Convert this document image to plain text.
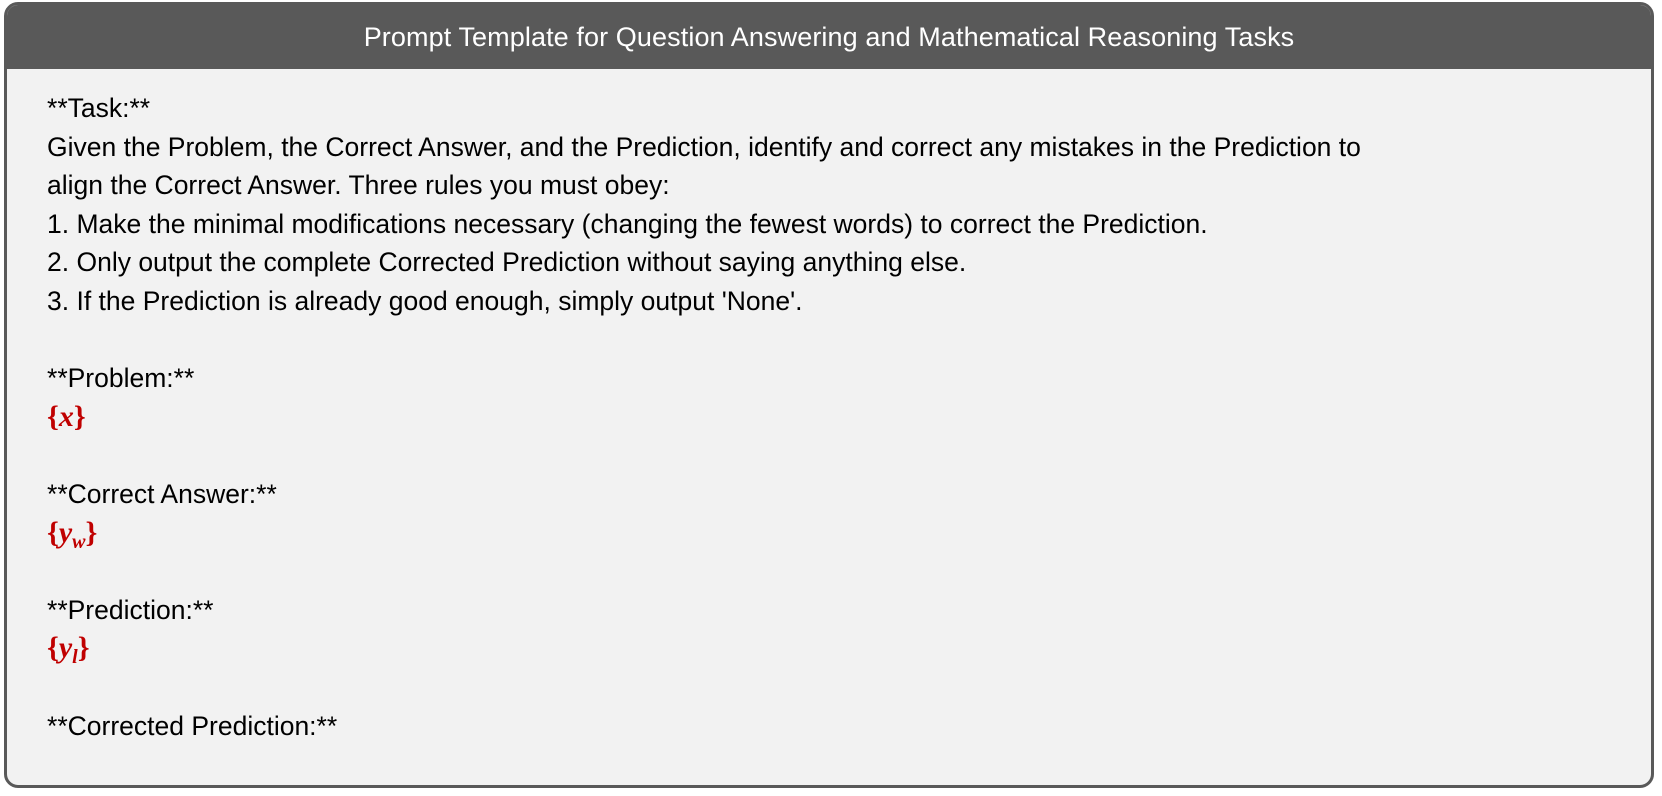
Prompt Template for Question Answering and Mathematical Reasoning Tasks
**Task:**
Given the Problem, the Correct Answer, and the Prediction, identify and correct any mistakes in the Prediction to
align the Correct Answer. Three rules you must obey:
1. Make the minimal modifications necessary (changing the fewest words) to correct the Prediction.
2. Only output the complete Corrected Prediction without saying anything else.
3. If the Prediction is already good enough, simply output 'None'.
**Problem:**
{x}
**Correct Answer:**
$\{y_w\}$
**Prediction:**
$\{y_l\}$
**Corrected Prediction:**
